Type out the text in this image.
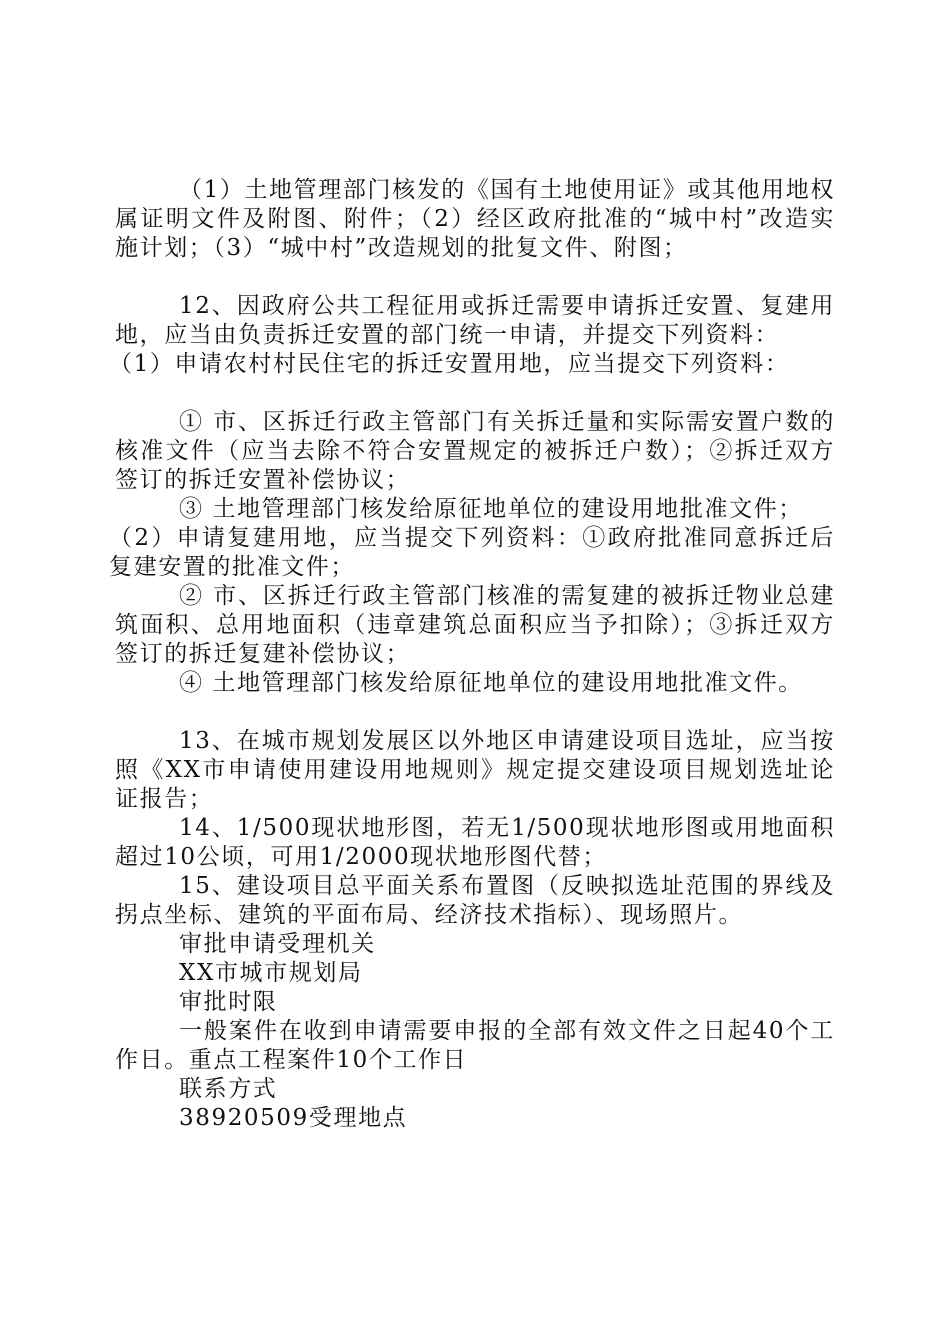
（1）土地管理部门核发的《国有土地使用证》或其他用地权属证明文件及附图、附件；（2）经区政府批准的“城中村”改造实施计划；（3）“城中村”改造规划的批复文件、附图；

12、因政府公共工程征用或拆迁需要申请拆迁安置、复建用地，应当由负责拆迁安置的部门统一申请，并提交下列资料：

（1）申请农村村民住宅的拆迁安置用地，应当提交下列资料：

① 市、区拆迁行政主管部门有关拆迁量和实际需安置户数的核准文件（应当去除不符合安置规定的被拆迁户数）；②拆迁双方签订的拆迁安置补偿协议；

③ 土地管理部门核发给原征地单位的建设用地批准文件；

（2）申请复建用地，应当提交下列资料：①政府批准同意拆迁后复建安置的批准文件；

② 市、区拆迁行政主管部门核准的需复建的被拆迁物业总建筑面积、总用地面积（违章建筑总面积应当予扣除）；③拆迁双方签订的拆迁复建补偿协议；

④ 土地管理部门核发给原征地单位的建设用地批准文件。

13、在城市规划发展区以外地区申请建设项目选址，应当按照《XX市申请使用建设用地规则》规定提交建设项目规划选址论证报告；

14、1/500现状地形图，若无1/500现状地形图或用地面积超过10公顷，可用1/2000现状地形图代替；

15、建设项目总平面关系布置图（反映拟选址范围的界线及拐点坐标、建筑的平面布局、经济技术指标）、现场照片。

审批申请受理机关

XX市城市规划局

审批时限

一般案件在收到申请需要申报的全部有效文件之日起40个工作日。重点工程案件10个工作日

联系方式

38920509受理地点
